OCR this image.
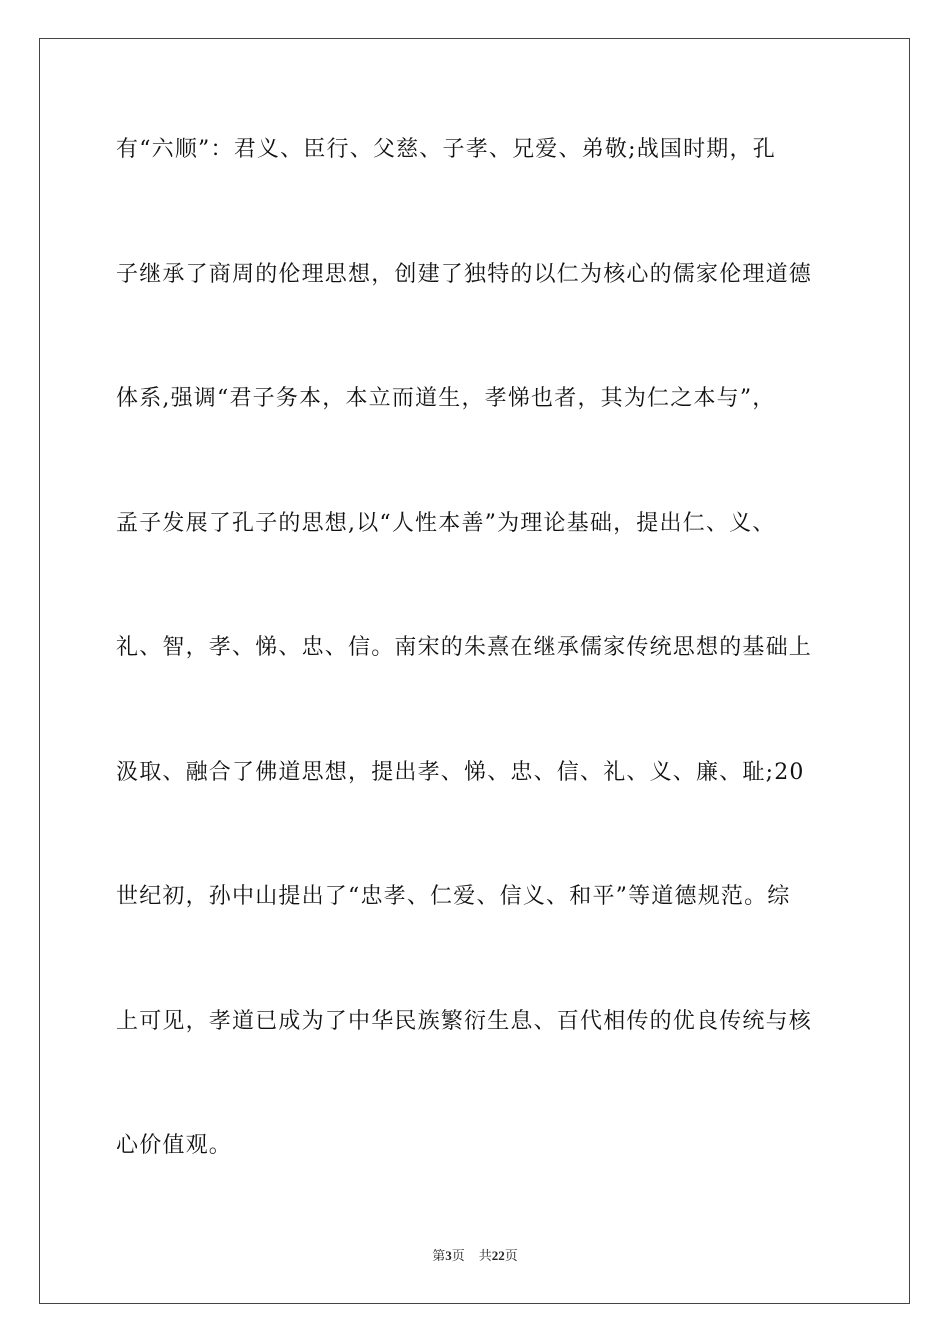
有“六顺”：君义、臣行、父慈、子孝、兄爱、弟敬;战国时期，孔
子继承了商周的伦理思想，创建了独特的以仁为核心的儒家伦理道德
体系,强调“君子务本，本立而道生，孝悌也者，其为仁之本与”，
孟子发展了孔子的思想,以“人性本善”为理论基础，提出仁、义、
礼、智，孝、悌、忠、信。南宋的朱熹在继承儒家传统思想的基础上
汲取、融合了佛道思想，提出孝、悌、忠、信、礼、义、廉、耻;20
世纪初，孙中山提出了“忠孝、仁爱、信义、和平”等道德规范。综
上可见，孝道已成为了中华民族繁衍生息、百代相传的优良传统与核
心价值观。
第3页 共22页
